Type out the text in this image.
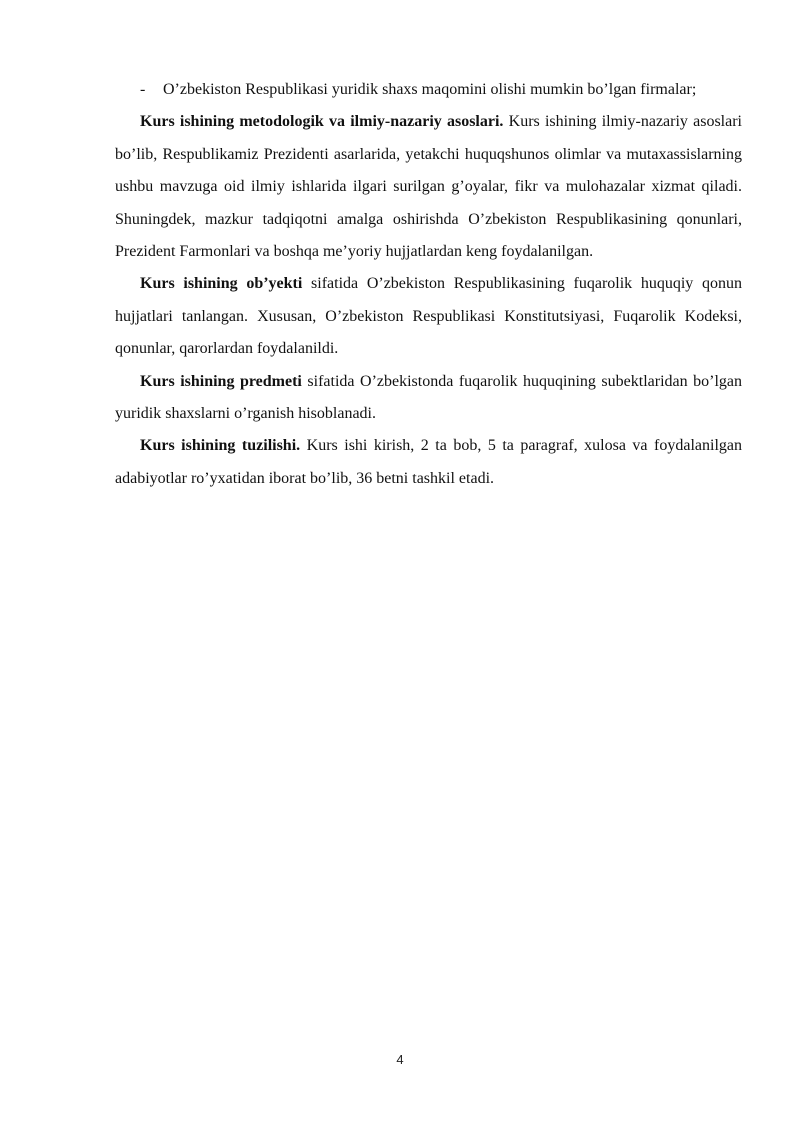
-	O’zbekiston Respublikasi yuridik shaxs maqomini olishi mumkin bo’lgan firmalar;

Kurs ishining metodologik va ilmiy-nazariy asoslari. Kurs ishining ilmiy-nazariy asoslari bo’lib, Respublikamiz Prezidenti asarlarida, yetakchi huquqshunos olimlar va mutaxassislarning ushbu mavzuga oid ilmiy ishlarida ilgari surilgan g’oyalar, fikr va mulohazalar xizmat qiladi. Shuningdek, mazkur tadqiqotni amalga oshirishda O’zbekiston Respublikasining qonunlari, Prezident Farmonlari va boshqa me’yoriy hujjatlardan keng foydalanilgan.

Kurs ishining ob’yekti sifatida O’zbekiston Respublikasining fuqarolik huquqiy qonun hujjatlari tanlangan. Xususan, O’zbekiston Respublikasi Konstitutsiyasi, Fuqarolik Kodeksi, qonunlar, qarorlardan foydalanildi.

Kurs ishining predmeti sifatida O’zbekistonda fuqarolik huquqining subektlaridan bo’lgan yuridik shaxslarni o’rganish hisoblanadi.

Kurs ishining tuzilishi. Kurs ishi kirish, 2 ta bob, 5 ta paragraf, xulosa va foydalanilgan adabiyotlar ro’yxatidan iborat bo’lib, 36 betni tashkil etadi.

4
